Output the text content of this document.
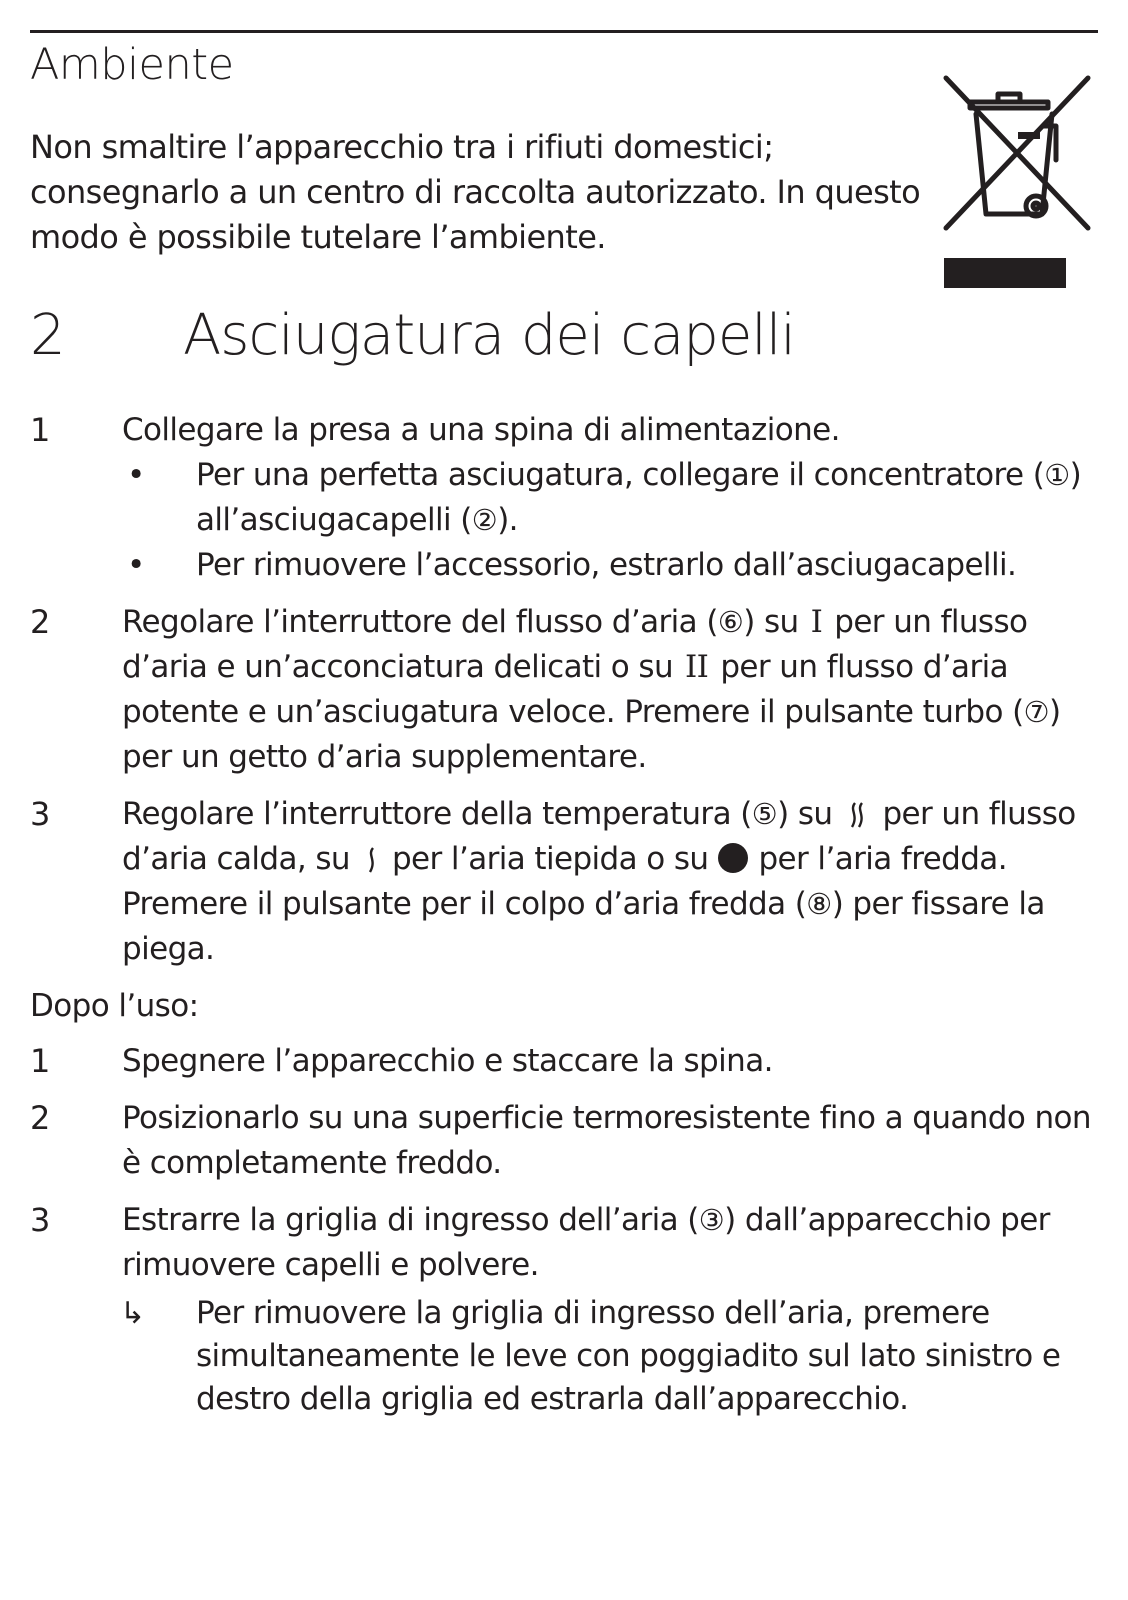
Ambiente

Non smaltire l’apparecchio tra i rifiuti domestici; consegnarlo a un centro di raccolta autorizzato. In questo modo è possibile tutelare l’ambiente.

2 Asciugatura dei capelli
1 Collegare la presa a una spina di alimentazione.
• Per una perfetta asciugatura, collegare il concentratore (①) all’asciugacapelli (②).
• Per rimuovere l’accessorio, estrarlo dall’asciugacapelli.
2 Regolare l’interruttore del flusso d’aria (⑥) su I per un flusso d’aria e un’acconciatura delicati o su II per un flusso d’aria potente e un’asciugatura veloce. Premere il pulsante turbo (⑦) per un getto d’aria supplementare.
3 Regolare l’interruttore della temperatura (⑤) su per un flusso d’aria calda, su per l’aria tiepida o su per l’aria fredda. Premere il pulsante per il colpo d’aria fredda (⑧) per fissare la piega.
Dopo l’uso:
1 Spegnere l’apparecchio e staccare la spina.
2 Posizionarlo su una superficie termoresistente fino a quando non è completamente freddo.
3 Estrarre la griglia di ingresso dell’aria (③) dall’apparecchio per rimuovere capelli e polvere.
↳ Per rimuovere la griglia di ingresso dell’aria, premere simultaneamente le leve con poggiadito sul lato sinistro e destro della griglia ed estrarla dall’apparecchio.
